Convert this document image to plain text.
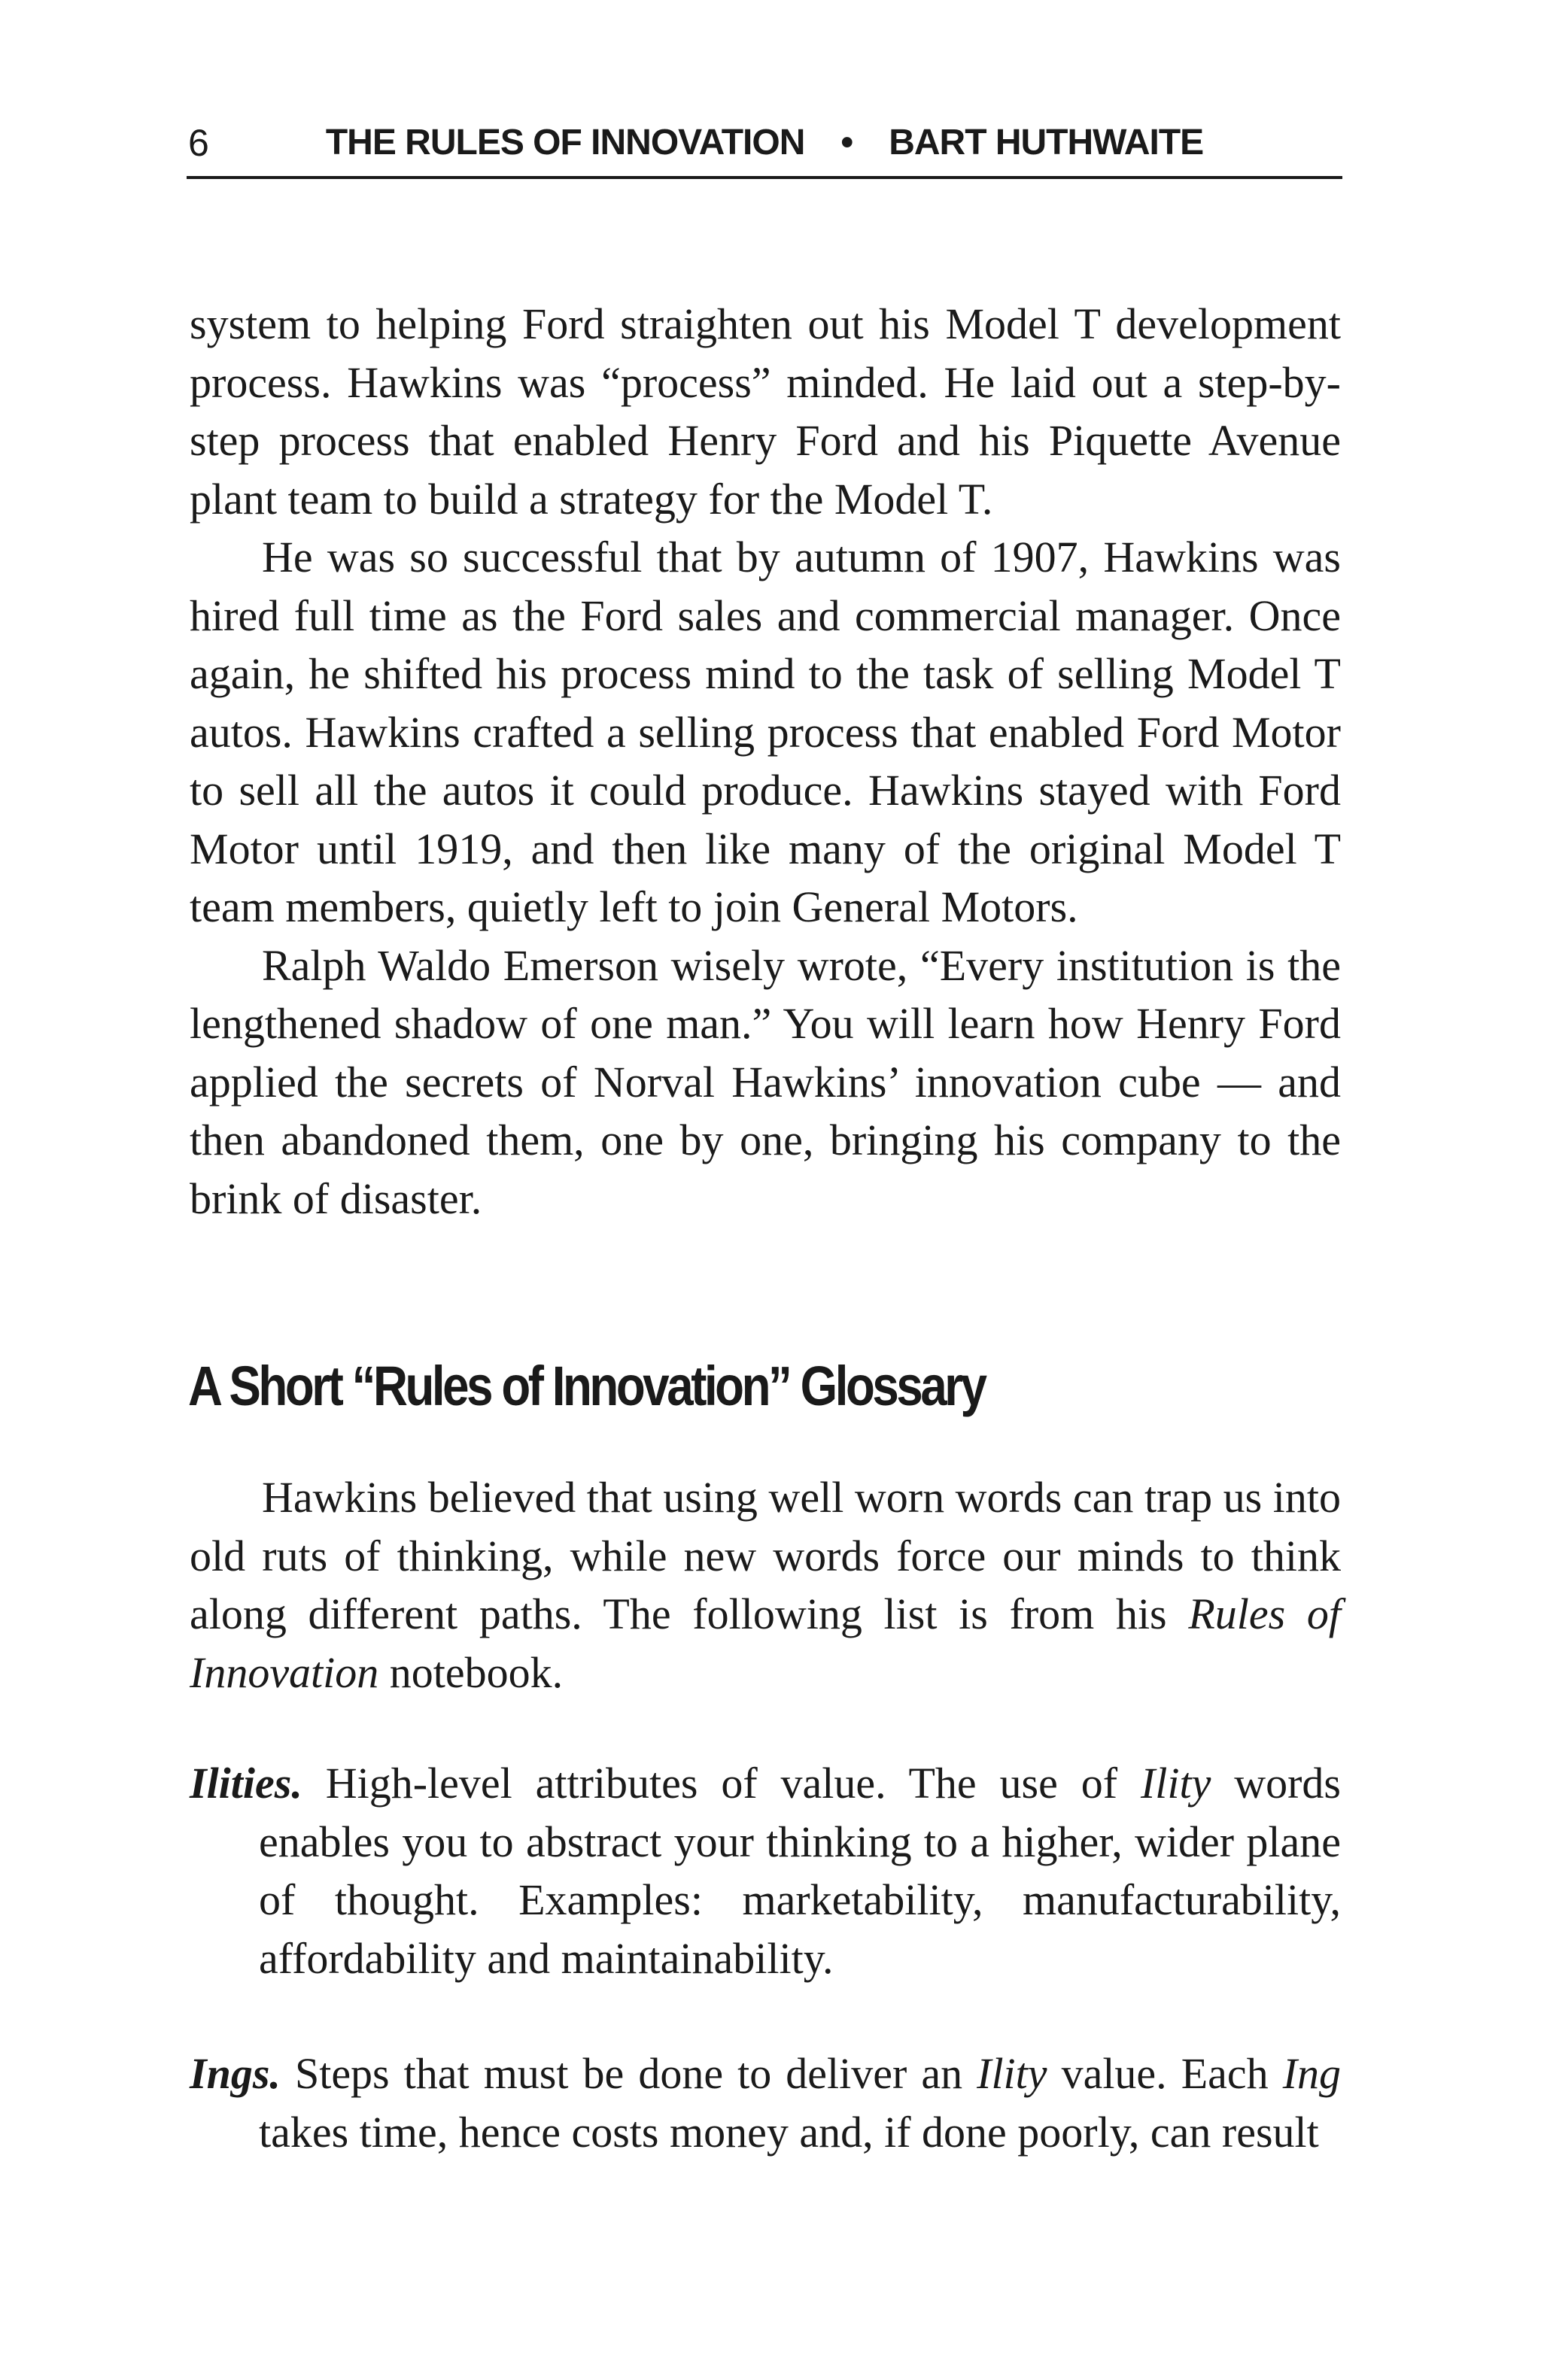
6	THE RULES OF INNOVATION • BART HUTHWAITE

system to helping Ford straighten out his Model T development process. Hawkins was “process” minded. He laid out a step-by-step process that enabled Henry Ford and his Piquette Avenue plant team to build a strategy for the Model T.

He was so successful that by autumn of 1907, Hawkins was hired full time as the Ford sales and commercial manager. Once again, he shifted his process mind to the task of selling Model T autos. Hawkins crafted a selling process that enabled Ford Motor to sell all the autos it could produce. Hawkins stayed with Ford Motor until 1919, and then like many of the original Model T team members, quietly left to join General Motors.

Ralph Waldo Emerson wisely wrote, “Every institution is the lengthened shadow of one man.” You will learn how Henry Ford applied the secrets of Norval Hawkins’ innovation cube — and then abandoned them, one by one, bringing his company to the brink of disaster.

A Short “Rules of Innovation” Glossary

Hawkins believed that using well worn words can trap us into old ruts of thinking, while new words force our minds to think along different paths. The following list is from his Rules of Innovation notebook.

Ilities. High-level attributes of value. The use of Ility words enables you to abstract your thinking to a higher, wider plane of thought. Examples: marketability, manufacturability, affordability and maintainability.

Ings. Steps that must be done to deliver an Ility value. Each Ing takes time, hence costs money and, if done poorly, can result
